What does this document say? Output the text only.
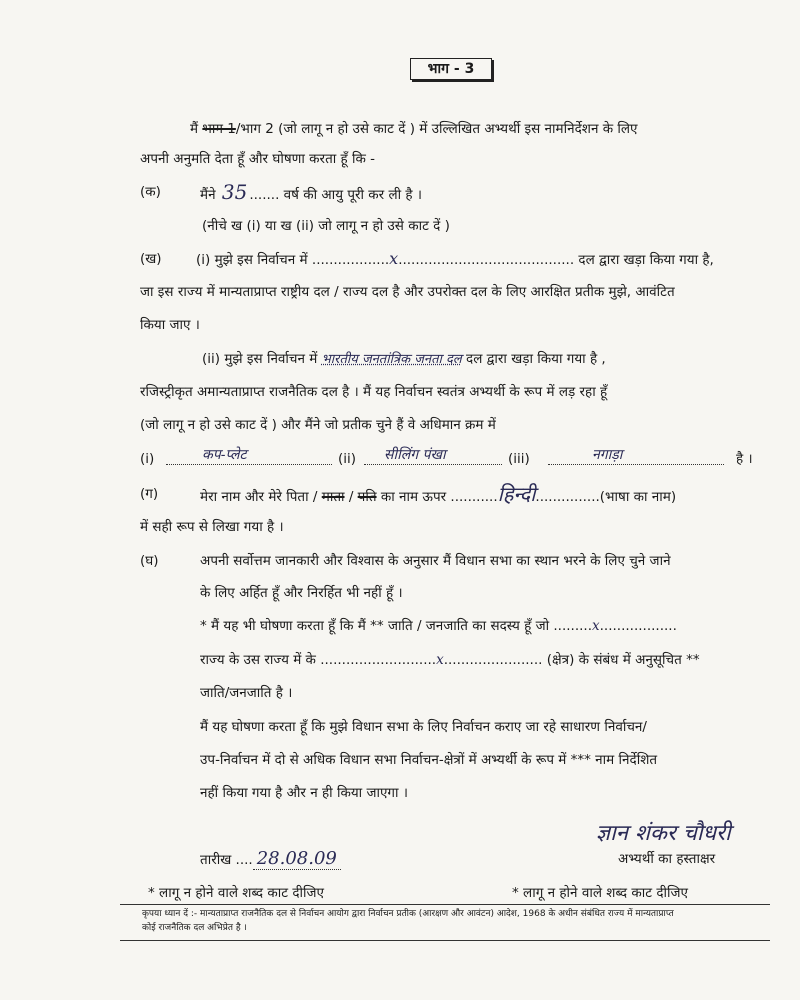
भाग - 3
मैं भाग 1/भाग 2 (जो लागू न हो उसे काट दें ) में उल्लिखित अभ्यर्थी इस नामनिर्देशन के लिए
अपनी अनुमति देता हूँ और घोषणा करता हूँ कि -
(क)	मैंने 35 ....... वर्ष की आयु पूरी कर ली है ।
(नीचे ख (i) या ख (ii) जो लागू न हो उसे काट दें )
(ख)	(i) मुझे इस निर्वाचन में ..................x......................................... दल द्वारा खड़ा किया गया है,
जा इस राज्य में मान्यताप्राप्त राष्ट्रीय दल / राज्य दल है और उपरोक्त दल के लिए आरक्षित प्रतीक मुझे, आवंटित
किया जाए ।
(ii) मुझे इस निर्वाचन में भारतीय जनतांत्रिक जनता दल दल द्वारा खड़ा किया गया है ,
रजिस्ट्रीकृत अमान्यताप्राप्त राजनैतिक दल है । मैं यह निर्वाचन स्वतंत्र अभ्यर्थी के रूप में लड़ रहा हूँ
(जो लागू न हो उसे काट दें ) और मैंने जो प्रतीक चुने हैं वे अधिमान क्रम में
(i)	कप-प्लेट	(ii)	सीलिंग पंखा	(iii)	नगाड़ा	है ।
(ग)	मेरा नाम और मेरे पिता / माता / पति का नाम ऊपर ...........हिन्दी...............(भाषा का नाम)
में सही रूप से लिखा गया है ।
(घ)	अपनी सर्वोत्तम जानकारी और विश्वास के अनुसार मैं विधान सभा का स्थान भरने के लिए चुने जाने
के लिए अर्हित हूँ और निरर्हित भी नहीं हूँ ।
* मैं यह भी घोषणा करता हूँ कि मैं ** जाति / जनजाति का सदस्य हूँ जो .........x..................
राज्य के उस राज्य में के ...........................x....................... (क्षेत्र) के संबंध में अनुसूचित **
जाति/जनजाति है ।
मैं यह घोषणा करता हूँ कि मुझे विधान सभा के लिए निर्वाचन कराए जा रहे साधारण निर्वाचन/
उप-निर्वाचन में दो से अधिक विधान सभा निर्वाचन-क्षेत्रों में अभ्यर्थी के रूप में *** नाम निर्देशित
नहीं किया गया है और न ही किया जाएगा ।
ज्ञान शंकर चौधरी
अभ्यर्थी का हस्ताक्षर
तारीख .... 28.08.09
* लागू न होने वाले शब्द काट दीजिए	* लागू न होने वाले शब्द काट दीजिए
कृपया ध्यान दें :- मान्यताप्राप्त राजनैतिक दल से निर्वाचन आयोग द्वारा निर्वाचन प्रतीक (आरक्षण और आवंटन) आदेश, 1968 के अधीन संबंधित राज्य में मान्यताप्राप्त
कोई राजनैतिक दल अभिप्रेत है ।
